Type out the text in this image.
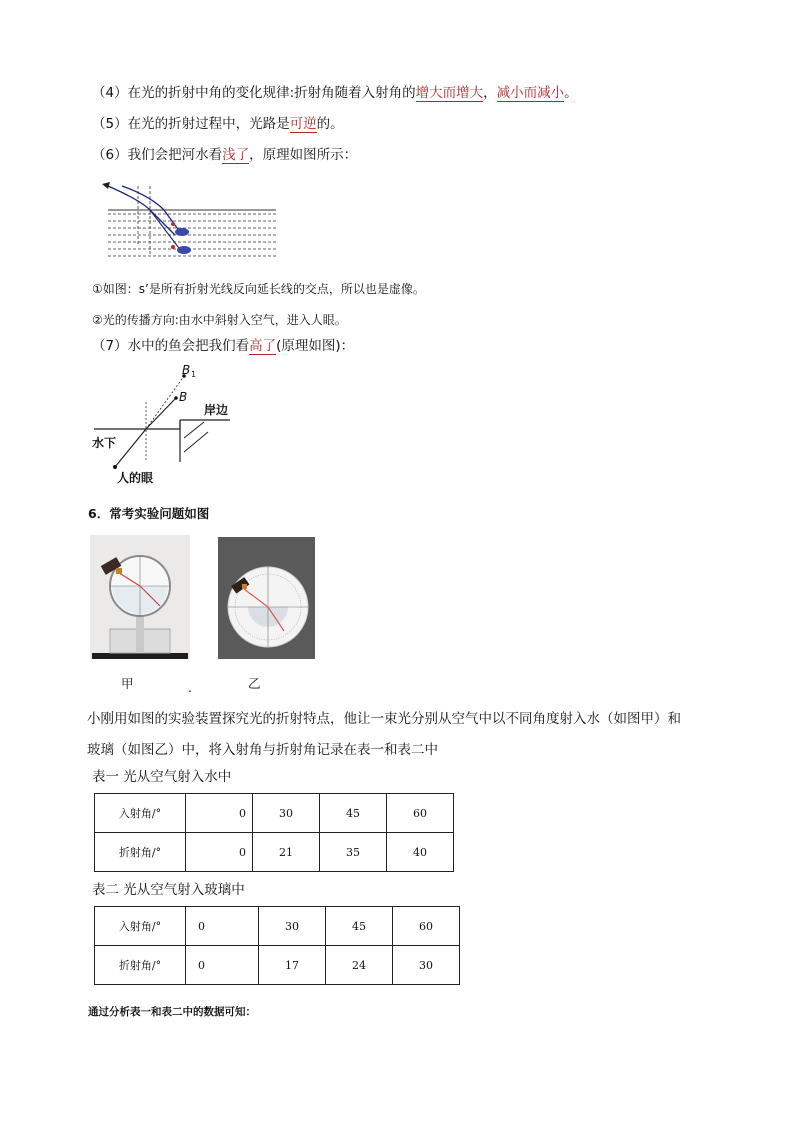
（4）在光的折射中角的变化规律:折射角随着入射角的增大而增大，减小而减小。
（5）在光的折射过程中，光路是可逆的。
（6）我们会把河水看浅了，原理如图所示：
①如图：s’是所有折射光线反向延长线的交点，所以也是虚像。
②光的传播方向:由水中斜射入空气，进入人眼。
（7）水中的鱼会把我们看高了(原理如图)：
B 1
B
岸边
水下
人的眼
6．常考实验问题如图
甲	.	乙
小刚用如图的实验装置探究光的折射特点，他让一束光分别从空气中以不同角度射入水（如图甲）和
玻璃（如图乙）中，将入射角与折射角记录在表一和表二中
表一 光从空气射入水中
入射角/°	0	30	45	60
折射角/°	0	21	35	40
表二 光从空气射入玻璃中
入射角/°	0	30	45	60
折射角/°	0	17	24	30
通过分析表一和表二中的数据可知：
